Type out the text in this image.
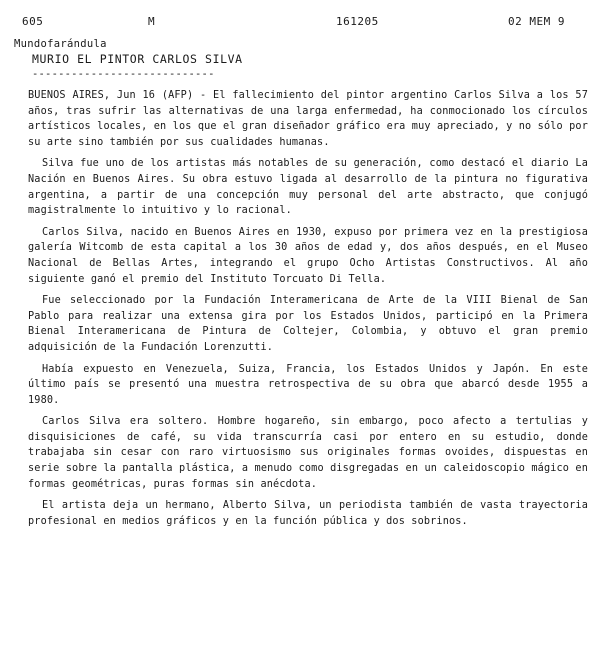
605	M	161205	02 MEM 9
Mundofarándula
MURIO EL PINTOR CARLOS SILVA
----------------------------

BUENOS AIRES, Jun 16 (AFP) - El fallecimiento del pintor argentino Carlos Silva a los 57 años, tras sufrir las alternativas de una larga enfermedad, ha conmocionado los círculos artísticos locales, en los que el gran diseñador gráfico era muy apreciado, y no sólo por su arte sino también por sus cualidades humanas.

Silva fue uno de los artistas más notables de su generación, como destacó el diario La Nación en Buenos Aires. Su obra estuvo ligada al desarrollo de la pintura no figurativa argentina, a partir de una concepción muy personal del arte abstracto, que conjugó magistralmente lo intuitivo y lo racional.

Carlos Silva, nacido en Buenos Aires en 1930, expuso por primera vez en la prestigiosa galería Witcomb de esta capital a los 30 años de edad y, dos años después, en el Museo Nacional de Bellas Artes, integrando el grupo Ocho Artistas Constructivos. Al año siguiente ganó el premio del Instituto Torcuato Di Tella.

Fue seleccionado por la Fundación Interamericana de Arte de la VIII Bienal de San Pablo para realizar una extensa gira por los Estados Unidos, participó en la Primera Bienal Interamericana de Pintura de Coltejer, Colombia, y obtuvo el gran premio adquisición de la Fundación Lorenzutti.

Había expuesto en Venezuela, Suiza, Francia, los Estados Unidos y Japón. En este último país se presentó una muestra retrospectiva de su obra que abarcó desde 1955 a 1980.

Carlos Silva era soltero. Hombre hogareño, sin embargo, poco afecto a tertulias y disquisiciones de café, su vida transcurría casi por entero en su estudio, donde trabajaba sin cesar con raro virtuosismo sus originales formas ovoides, dispuestas en serie sobre la pantalla plástica, a menudo como disgregadas en un caleidoscopio mágico en formas geométricas, puras formas sin anécdota.

El artista deja un hermano, Alberto Silva, un periodista también de vasta trayectoria profesional en medios gráficos y en la función pública y dos sobrinos.
